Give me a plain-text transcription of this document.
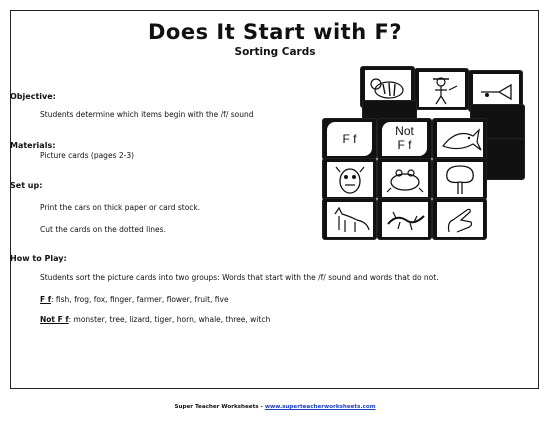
Does It Start with F?
Sorting Cards
F f
Not
F f
Objective:
Students determine which items begin with the /f/ sound
Materials:
Picture cards (pages 2-3)
Set up:
Print the cars on thick paper or card stock.
Cut the cards on the dotted lines.
How to Play:
Students sort the picture cards into two groups: Words that start with the /f/ sound and words that do not.
F f: fish, frog, fox, finger, farmer, flower, fruit, five
Not F f: monster, tree, lizard, tiger, horn, whale, three, witch
Super Teacher Worksheets - www.superteacherworksheets.com
